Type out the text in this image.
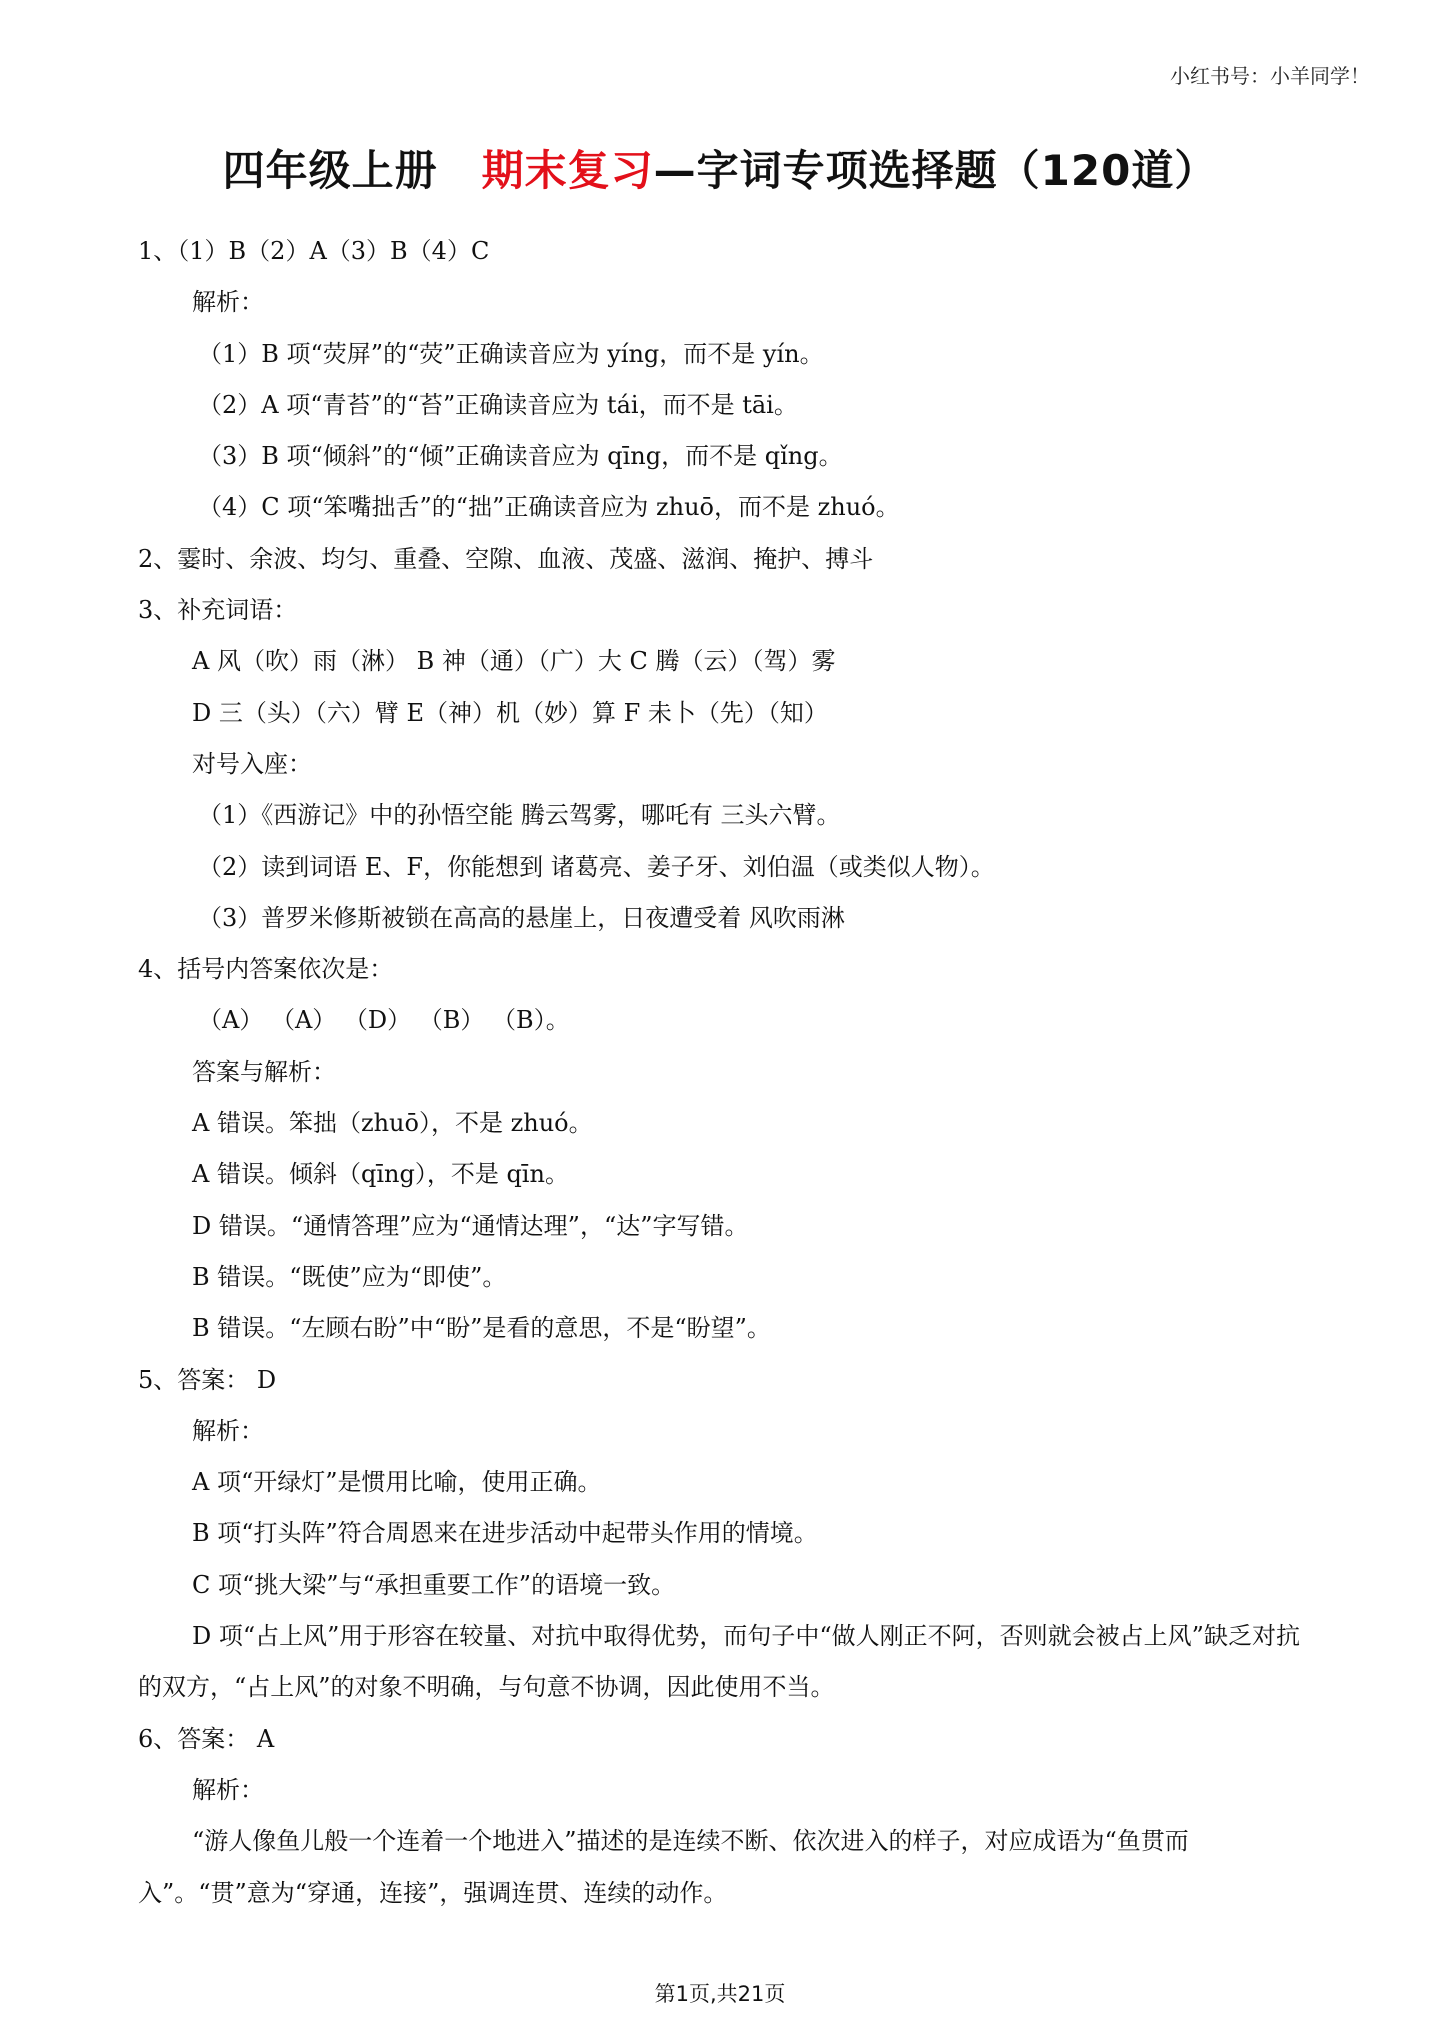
小红书号：小羊同学！
四年级上册 期末复习—字词专项选择题（120道）
1、（1）B（2）A（3）B（4）C
解析：
（1）B 项“荧屏”的“荧”正确读音应为 yíng，而不是 yín。
（2）A 项“青苔”的“苔”正确读音应为 tái，而不是 tāi。
（3）B 项“倾斜”的“倾”正确读音应为 qīng，而不是 qǐng。
（4）C 项“笨嘴拙舌”的“拙”正确读音应为 zhuō，而不是 zhuó。
2、霎时、余波、均匀、重叠、空隙、血液、茂盛、滋润、掩护、搏斗
3、补充词语：
A 风（吹）雨（淋） B 神（通）（广）大 C 腾（云）（驾）雾
D 三（头）（六）臂 E（神）机（妙）算 F 未卜（先）（知）
对号入座：
（1）《西游记》中的孙悟空能 腾云驾雾，哪吒有 三头六臂。
（2）读到词语 E、F，你能想到 诸葛亮、姜子牙、刘伯温（或类似人物）。
（3）普罗米修斯被锁在高高的悬崖上，日夜遭受着 风吹雨淋
4、括号内答案依次是：
（A） （A） （D） （B） （B）。
答案与解析：
A 错误。笨拙（zhuō），不是 zhuó。
A 错误。倾斜（qīng），不是 qīn。
D 错误。“通情答理”应为“通情达理”，“达”字写错。
B 错误。“既使”应为“即使”。
B 错误。“左顾右盼”中“盼”是看的意思，不是“盼望”。
5、答案： D
解析：
A 项“开绿灯”是惯用比喻，使用正确。
B 项“打头阵”符合周恩来在进步活动中起带头作用的情境。
C 项“挑大梁”与“承担重要工作”的语境一致。
D 项“占上风”用于形容在较量、对抗中取得优势，而句子中“做人刚正不阿，否则就会被占上风”缺乏对抗的双方，“占上风”的对象不明确，与句意不协调，因此使用不当。
6、答案： A
解析：
“游人像鱼儿般一个连着一个地进入”描述的是连续不断、依次进入的样子，对应成语为“鱼贯而入”。“贯”意为“穿通，连接”，强调连贯、连续的动作。
第1页,共21页
